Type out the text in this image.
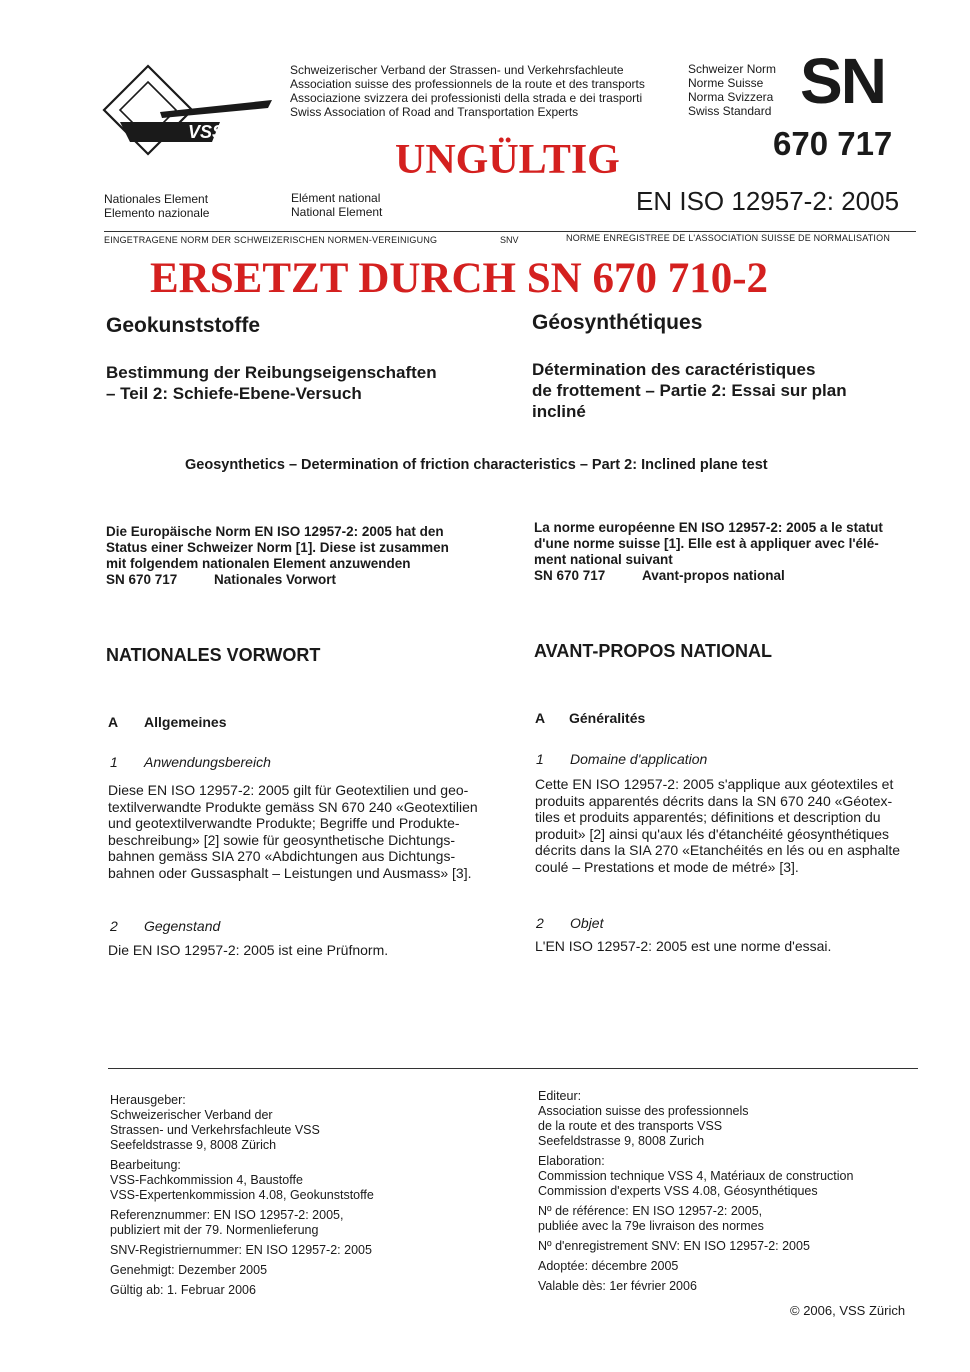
VSS
Schweizerischer Verband der Strassen- und Verkehrsfachleute
Association suisse des professionnels de la route et des transports
Associazione svizzera dei professionisti della strada e dei trasporti
Swiss Association of Road and Transportation Experts
Schweizer Norm
Norme Suisse
Norma Svizzera
Swiss Standard SN
670 717
UNGÜLTIG
Nationales Element
Elemento nazionale
Elément national
National Element	EN ISO 12957-2: 2005
EINGETRAGENE NORM DER SCHWEIZERISCHEN NORMEN-VEREINIGUNG	SNV	NORME ENREGISTREE DE L'ASSOCIATION SUISSE DE NORMALISATION
ERSETZT DURCH SN 670 710-2
Geokunststoffe	Géosynthétiques
Bestimmung der Reibungseigenschaften
– Teil 2: Schiefe-Ebene-Versuch
Détermination des caractéristiques
de frottement – Partie 2: Essai sur plan
incliné
Geosynthetics – Determination of friction characteristics – Part 2: Inclined plane test
Die Europäische Norm EN ISO 12957-2: 2005 hat den
Status einer Schweizer Norm [1]. Diese ist zusammen
mit folgendem nationalen Element anzuwenden
SN 670 717	Nationales Vorwort
La norme européenne EN ISO 12957-2: 2005 a le statut
d'une norme suisse [1]. Elle est à appliquer avec l'élé-
ment national suivant
SN 670 717	Avant-propos national
NATIONALES VORWORT	AVANT-PROPOS NATIONAL
A Allgemeines	A Généralités
1 Anwendungsbereich	1 Domaine d'application
Diese EN ISO 12957-2: 2005 gilt für Geotextilien und geo-
textilverwandte Produkte gemäss SN 670 240 «Geotextilien
und geotextilverwandte Produkte; Begriffe und Produkte-
beschreibung» [2] sowie für geosynthetische Dichtungs-
bahnen gemäss SIA 270 «Abdichtungen aus Dichtungs-
bahnen oder Gussasphalt – Leistungen und Ausmass» [3].
Cette EN ISO 12957-2: 2005 s'applique aux géotextiles et
produits apparentés décrits dans la SN 670 240 «Géotex-
tiles et produits apparentés; définitions et description du
produit» [2] ainsi qu'aux lés d'étanchéité géosynthétiques
décrits dans la SIA 270 «Etanchéités en lés ou en asphalte
coulé – Prestations et mode de métré» [3].
2 Gegenstand	2 Objet
Die EN ISO 12957-2: 2005 ist eine Prüfnorm.	L'EN ISO 12957-2: 2005 est une norme d'essai.

Herausgeber:
Schweizerischer Verband der
Strassen- und Verkehrsfachleute VSS
Seefeldstrasse 9, 8008 Zürich

Bearbeitung:
VSS-Fachkommission 4, Baustoffe
VSS-Expertenkommission 4.08, Geokunststoffe

Referenznummer: EN ISO 12957-2: 2005,
publiziert mit der 79. Normenlieferung

SNV-Registriernummer: EN ISO 12957-2: 2005

Genehmigt: Dezember 2005

Gültig ab: 1. Februar 2006

Editeur:
Association suisse des professionnels
de la route et des transports VSS
Seefeldstrasse 9, 8008 Zurich

Elaboration:
Commission technique VSS 4, Matériaux de construction
Commission d'experts VSS 4.08, Géosynthétiques

Nº de référence: EN ISO 12957-2: 2005,
publiée avec la 79e livraison des normes

Nº d'enregistrement SNV: EN ISO 12957-2: 2005

Adoptée: décembre 2005

Valable dès: 1er février 2006

© 2006, VSS Zürich
